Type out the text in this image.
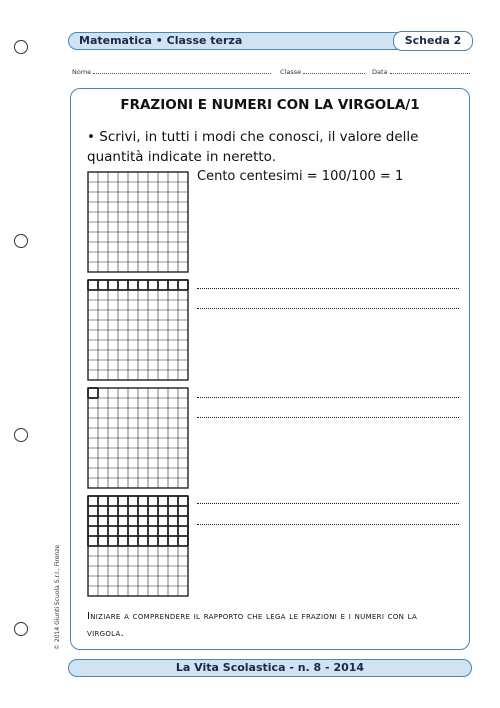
Matematica • Classe terza	Scheda 2
Nome	Classe	Data
FRAZIONI E NUMERI CON LA VIRGOLA/1
• Scrivi, in tutti i modi che conosci, il valore delle quantità indicate in neretto.
Cento centesimi = 100/100 = 1
Iniziare a comprendere il rapporto che lega le frazioni e i numeri con la virgola.
© 2014 Giunti Scuola S.r.l., Firenze
La Vita Scolastica - n. 8 - 2014
